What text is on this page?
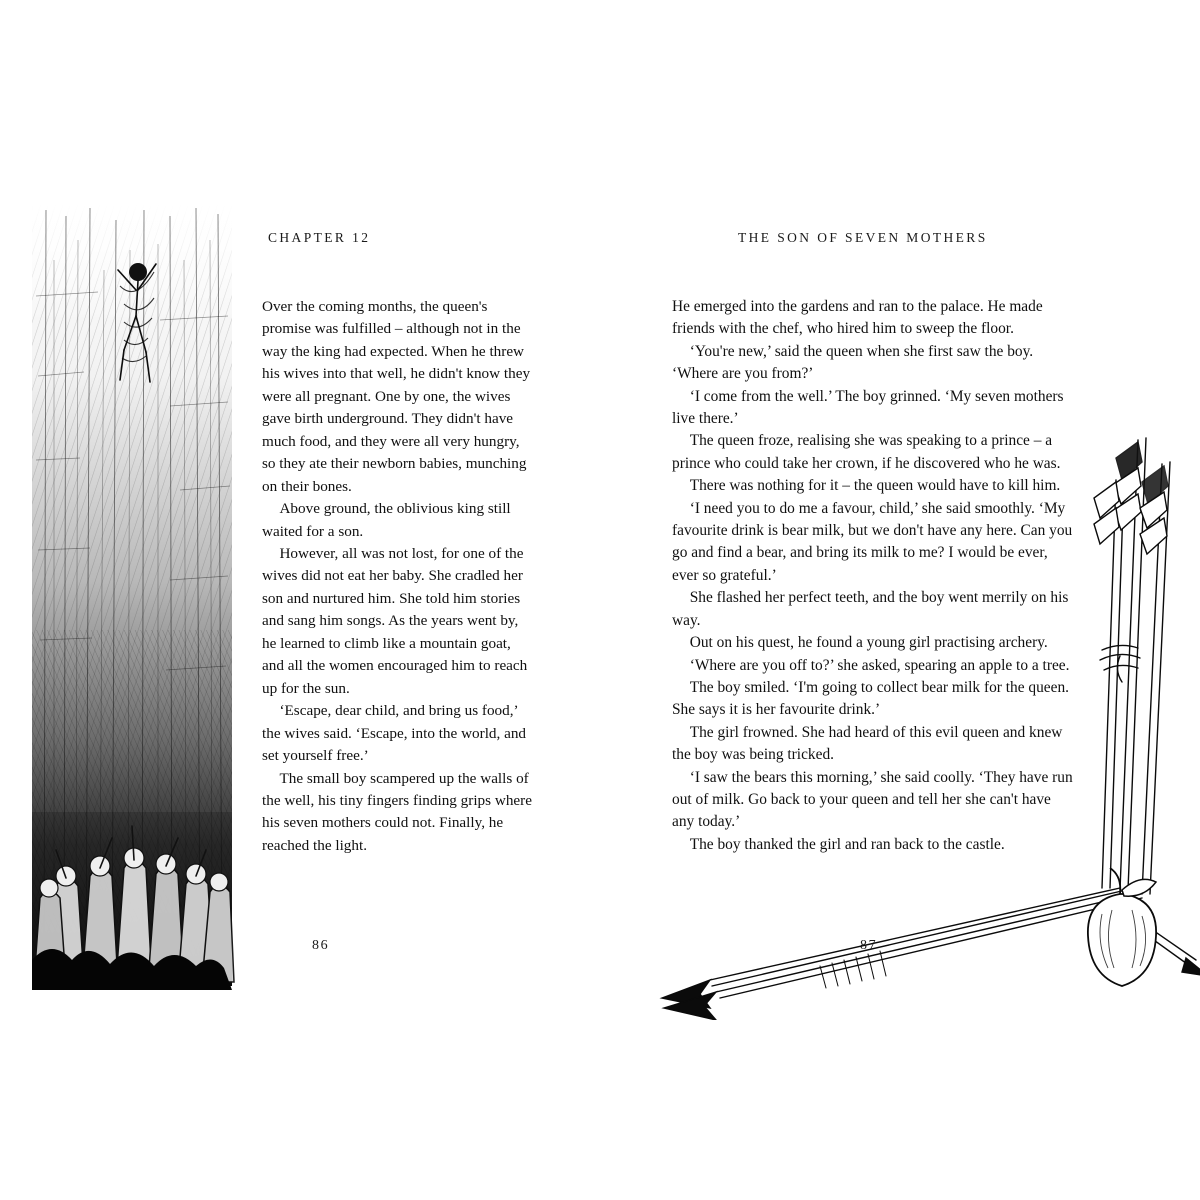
CHAPTER 12

Over the coming months, the queen's promise was fulfilled – although not in the way the king had expected. When he threw his wives into that well, he didn't know they were all pregnant. One by one, the wives gave birth underground. They didn't have much food, and they were all very hungry, so they ate their newborn babies, munching on their bones.

Above ground, the oblivious king still waited for a son.

However, all was not lost, for one of the wives did not eat her baby. She cradled her son and nurtured him. She told him stories and sang him songs. As the years went by, he learned to climb like a mountain goat, and all the women encouraged him to reach up for the sun.

‘Escape, dear child, and bring us food,’ the wives said. ‘Escape, into the world, and set yourself free.’

The small boy scampered up the walls of the well, his tiny fingers finding grips where his seven mothers could not. Finally, he reached the light.

86
THE SON OF SEVEN MOTHERS

He emerged into the gardens and ran to the palace. He made friends with the chef, who hired him to sweep the floor.

‘You're new,’ said the queen when she first saw the boy. ‘Where are you from?’

‘I come from the well.’ The boy grinned. ‘My seven mothers live there.’

The queen froze, realising she was speaking to a prince – a prince who could take her crown, if he discovered who he was.

There was nothing for it – the queen would have to kill him.

‘I need you to do me a favour, child,’ she said smoothly. ‘My favourite drink is bear milk, but we don't have any here. Can you go and find a bear, and bring its milk to me? I would be ever, ever so grateful.’

She flashed her perfect teeth, and the boy went merrily on his way.

Out on his quest, he found a young girl practising archery.

‘Where are you off to?’ she asked, spearing an apple to a tree.

The boy smiled. ‘I'm going to collect bear milk for the queen. She says it is her favourite drink.’

The girl frowned. She had heard of this evil queen and knew the boy was being tricked.

‘I saw the bears this morning,’ she said coolly. ‘They have run out of milk. Go back to your queen and tell her she can't have any today.’

The boy thanked the girl and ran back to the castle.

87
